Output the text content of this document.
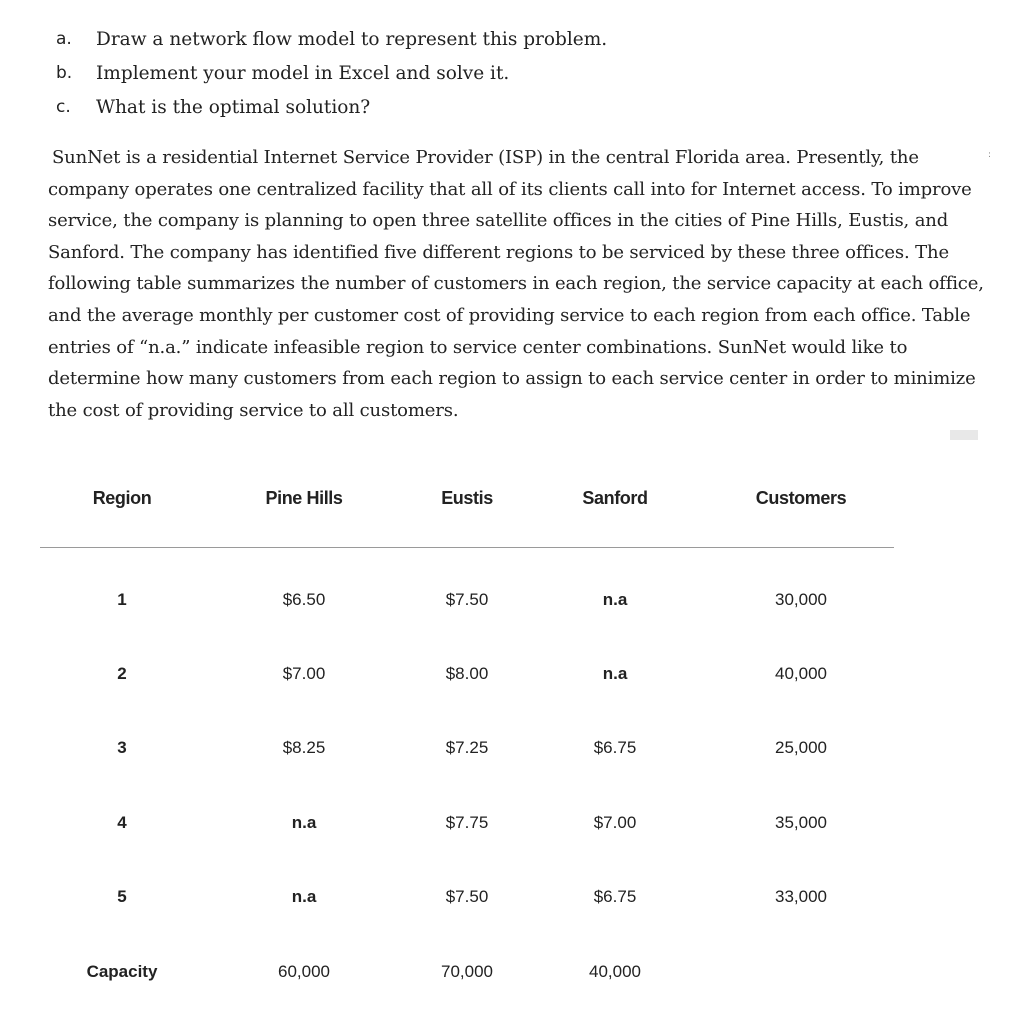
a.	Draw a network flow model to represent this problem.
b.	Implement your model in Excel and solve it.
c.	What is the optimal solution?

SunNet is a residential Internet Service Provider (ISP) in the central Florida area. Presently, the company operates one centralized facility that all of its clients call into for Internet access. To improve service, the company is planning to open three satellite offices in the cities of Pine Hills, Eustis, and Sanford. The company has identified five different regions to be serviced by these three offices. The following table summarizes the number of customers in each region, the service capacity at each office, and the average monthly per customer cost of providing service to each region from each office. Table entries of “n.a.” indicate infeasible region to service center combinations. SunNet would like to determine how many customers from each region to assign to each service center in order to minimize the cost of providing service to all customers.

:
Region	Pine Hills	Eustis	Sanford	Customers
1	$6.50	$7.50	n.a	30,000
2	$7.00	$8.00	n.a	40,000
3	$8.25	$7.25	$6.75	25,000
4	n.a	$7.75	$7.00	35,000
5	n.a	$7.50	$6.75	33,000
Capacity	60,000	70,000	40,000
